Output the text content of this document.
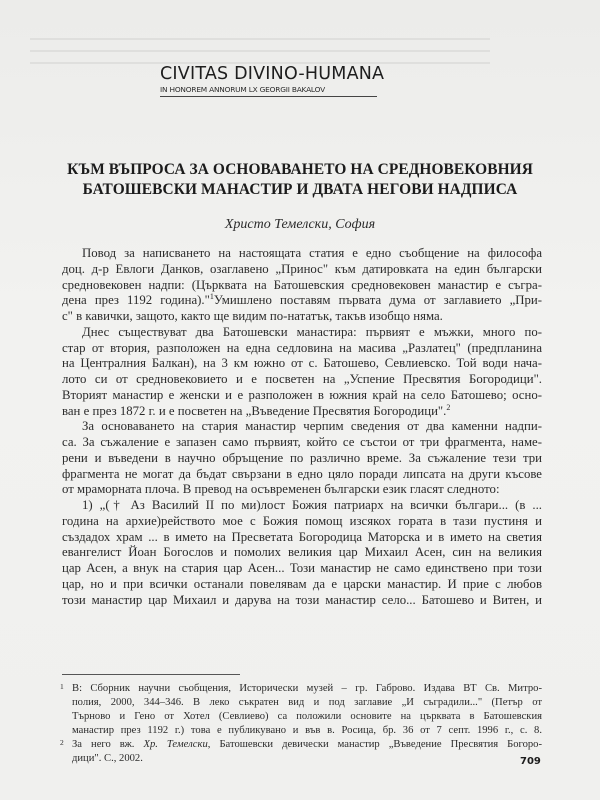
CIVITAS DIVINO-HUMANA
IN HONOREM ANNORUM LX GEORGII BAKALOV
КЪМ ВЪПРОСА ЗА ОСНОВАВАНЕТО НА СРЕДНОВЕКОВНИЯ
БАТОШЕВСКИ МАНАСТИР И ДВАТА НЕГОВИ НАДПИСА
Христо Темелски, София
Повод за написването на настоящата статия е едно съобщение на философа
доц. д-р Евлоги Данков, озаглавено „Принос" към датировката на един български
средновековен надпи: (Църквата на Батошевския средновековен манастир е съгра-
дена през 1192 година)."$^1$Умишлено поставям първата дума от заглавието „При-
с" в кавички, защото, както ще видим по-нататък, такъв изобщо няма.
Днес съществуват два Батошевски манастира: първият е мъжки, много по-
стар от втория, разположен на една седловина на масива „Разлатец" (предпланина
на Централния Балкан), на 3 км южно от с. Батошево, Севлиевско. Той води нача-
лото си от средновековието и е посветен на „Успение Пресвятия Богородици".
Вторият манастир е женски и е разположен в южния край на село Батошево; осно-
ван е през 1872 г. и е посветен на „Въведение Пресвятия Богородици".$^2$
За основаването на стария манастир черпим сведения от два каменни надпи-
са. За съжаление е запазен само първият, който се състои от три фрагмента, наме-
рени и въведени в научно обръщение по различно време. За съжаление тези три
фрагмента не могат да бъдат свързани в едно цяло поради липсата на други късове
от мраморната плоча. В превод на осъвременен български език гласят следното:
1) „(† Аз Василий II по ми)лост Божия патриарх на всички българи... (в ...
година на архие)рейството мое с Божия помощ изсякох гората в тази пустиня и
създадох храм ... в името на Пресветата Богородица Маторска и в името на светия
евангелист Йоан Богослов и помолих великия цар Михаил Асен, син на великия
цар Асен, а внук на стария цар Асен... Този манастир не само единствено при този
цар, но и при всички останали повелявам да е царски манастир. И прие с любов
този манастир цар Михаил и дарува на този манастир село... Батошево и Витен, и
1 В: Сборник научни съобщения, Исторически музей – гр. Габрово. Издава ВТ Св. Митро-
полия, 2000, 344–346. В леко съкратен вид и под заглавие „И съградили..." (Петър от
Търново и Гено от Хотел (Севлиево) са положили основите на църквата в Батошевския
манастир през 1192 г.) това е публикувано и във в. Росица, бр. 36 от 7 септ. 1996 г., с. 8.
2 За него вж. Хр. Темелски, Батошевски девически манастир „Въведение Пресвятия Богоро-
дици". С., 2002.	709
